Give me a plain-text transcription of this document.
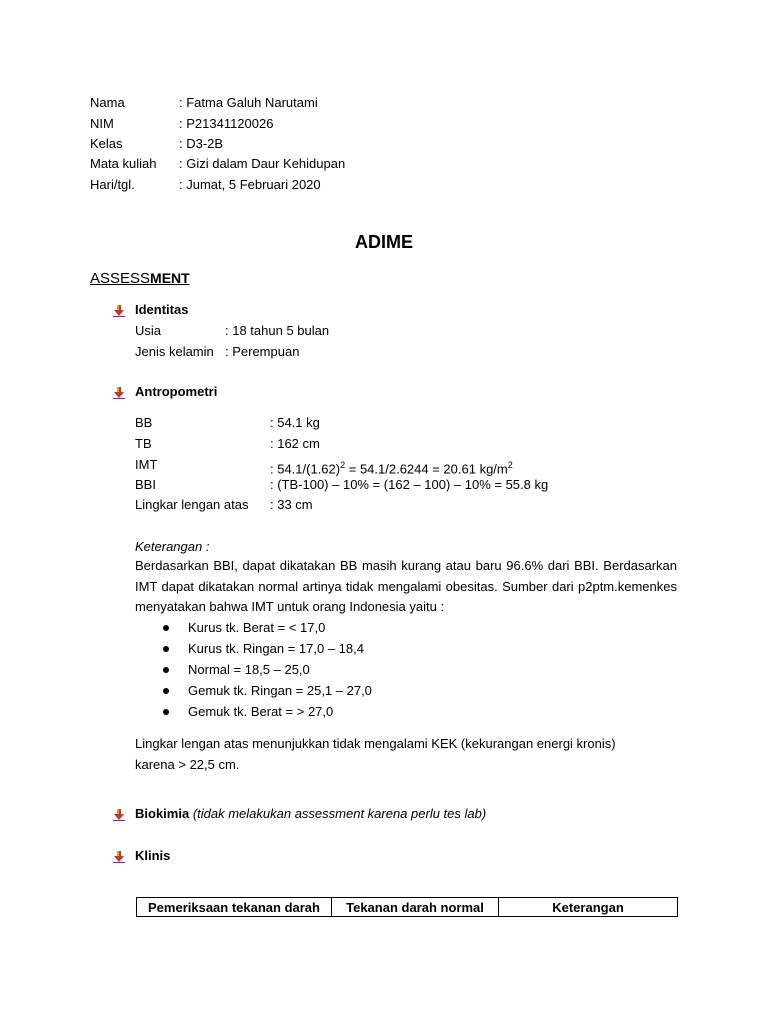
Nama	: Fatma Galuh Narutami
NIM	: P21341120026
Kelas	: D3-2B
Mata kuliah : Gizi dalam Daur Kehidupan
Hari/tgl.	: Jumat, 5 Februari 2020
ADIME
ASSESSMENT
Identitas
Usia	: 18 tahun 5 bulan
Jenis kelamin : Perempuan
Antropometri
BB	: 54.1 kg
TB	: 162 cm
IMT	: $54.1/(1.62)^2 = 54.1/2.6244 = 20.61$ $kg/m^2$
BBI	: (TB-100) – 10% = (162 – 100) – 10% = 55.8 kg
Lingkar lengan atas : 33 cm
Keterangan :
Berdasarkan BBI, dapat dikatakan BB masih kurang atau baru 96.6% dari BBI. Berdasarkan IMT dapat dikatakan normal artinya tidak mengalami obesitas. Sumber dari p2ptm.kemenkes menyatakan bahwa IMT untuk orang Indonesia yaitu :
Kurus tk. Berat = < 17,0
Kurus tk. Ringan = 17,0 – 18,4
Normal = 18,5 – 25,0
Gemuk tk. Ringan = 25,1 – 27,0
Gemuk tk. Berat = > 27,0
Lingkar lengan atas menunjukkan tidak mengalami KEK (kekurangan energi kronis) karena > 22,5 cm.
Biokimia (tidak melakukan assessment karena perlu tes lab)
Klinis
Pemeriksaan tekanan darah	Tekanan darah normal	Keterangan
